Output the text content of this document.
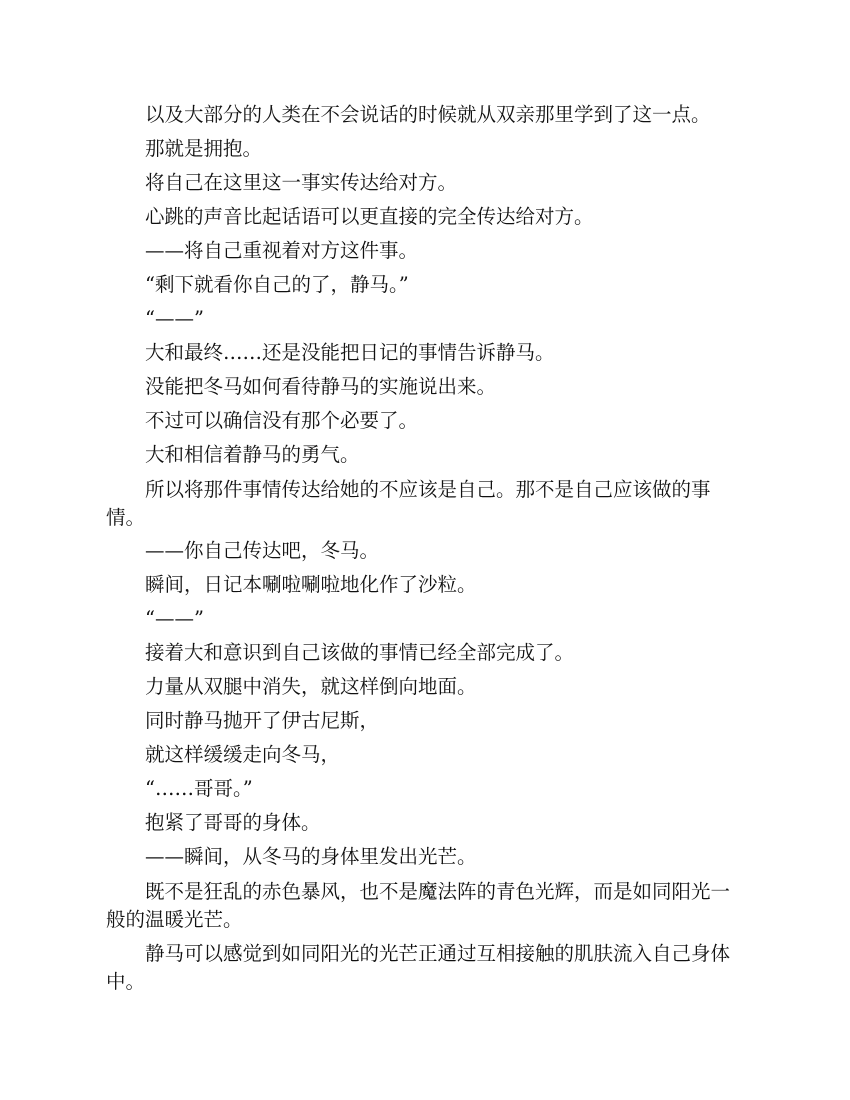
以及大部分的人类在不会说话的时候就从双亲那里学到了这一点。

那就是拥抱。

将自己在这里这一事实传达给对方。

心跳的声音比起话语可以更直接的完全传达给对方。

——将自己重视着对方这件事。

“剩下就看你自己的了，静马。”

“——”

大和最终……还是没能把日记的事情告诉静马。

没能把冬马如何看待静马的实施说出来。

不过可以确信没有那个必要了。

大和相信着静马的勇气。

所以将那件事情传达给她的不应该是自己。那不是自己应该做的事情。

——你自己传达吧，冬马。

瞬间，日记本唰啦唰啦地化作了沙粒。

“——”

接着大和意识到自己该做的事情已经全部完成了。

力量从双腿中消失，就这样倒向地面。

同时静马抛开了伊古尼斯，

就这样缓缓走向冬马，

“……哥哥。”

抱紧了哥哥的身体。

——瞬间，从冬马的身体里发出光芒。

既不是狂乱的赤色暴风，也不是魔法阵的青色光辉，而是如同阳光一般的温暖光芒。

静马可以感觉到如同阳光的光芒正通过互相接触的肌肤流入自己身体中。
